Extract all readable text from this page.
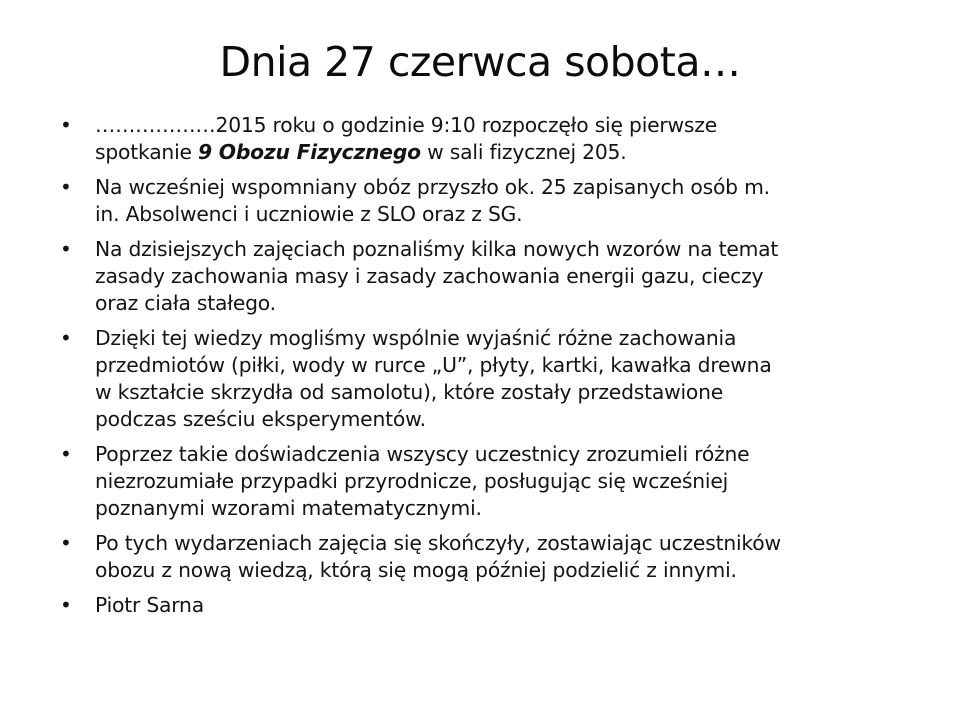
Dnia 27 czerwca sobota…
• ………………2015 roku o godzinie 9:10 rozpoczęło się pierwsze
spotkanie 9 Obozu Fizycznego w sali fizycznej 205.
• Na wcześniej wspomniany obóz przyszło ok. 25 zapisanych osób m.
in. Absolwenci i uczniowie z SLO oraz z SG.
• Na dzisiejszych zajęciach poznaliśmy kilka nowych wzorów na temat
zasady zachowania masy i zasady zachowania energii gazu, cieczy
oraz ciała stałego.
• Dzięki tej wiedzy mogliśmy wspólnie wyjaśnić różne zachowania
przedmiotów (piłki, wody w rurce „U”, płyty, kartki, kawałka drewna
w kształcie skrzydła od samolotu), które zostały przedstawione
podczas sześciu eksperymentów.
• Poprzez takie doświadczenia wszyscy uczestnicy zrozumieli różne
niezrozumiałe przypadki przyrodnicze, posługując się wcześniej
poznanymi wzorami matematycznymi.
• Po tych wydarzeniach zajęcia się skończyły, zostawiając uczestników
obozu z nową wiedzą, którą się mogą później podzielić z innymi.
• Piotr Sarna
